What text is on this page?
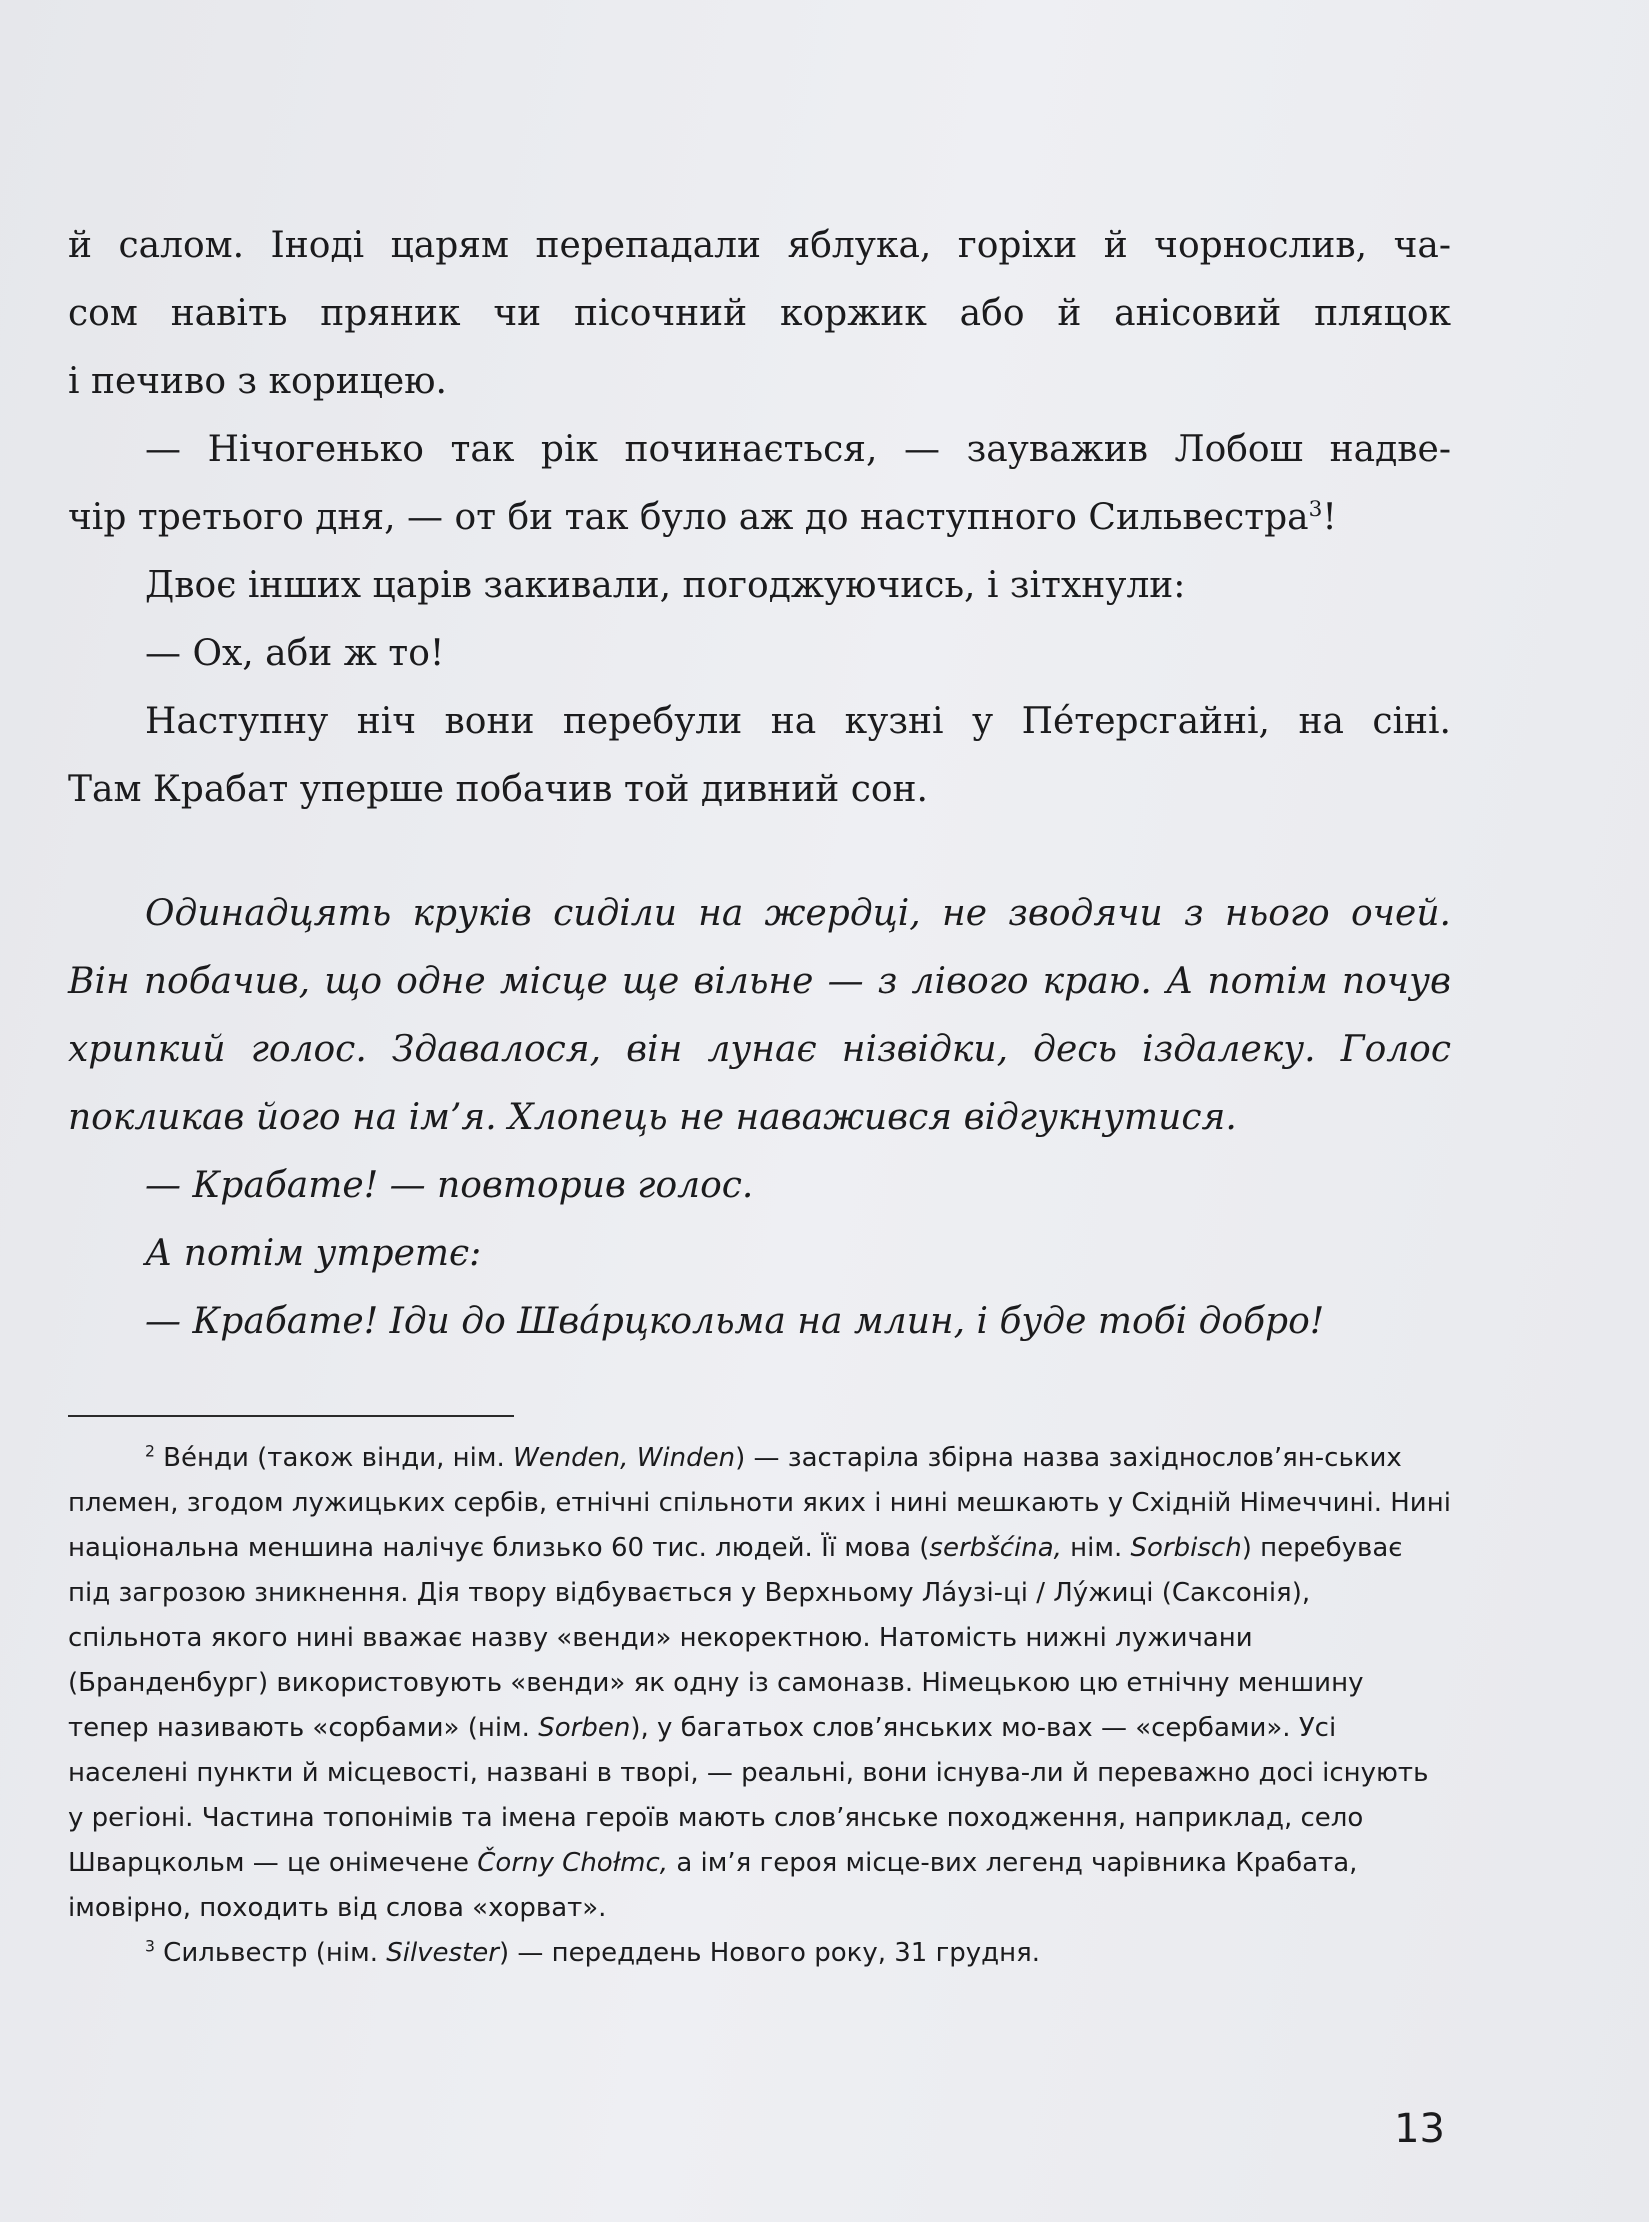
й салом. Іноді царям перепадали яблука, горіхи й чорнослив, ча-

сом навіть пряник чи пісочний коржик або й анісовий пляцок

і печиво з корицею.

— Нічогенько так рік починається, — зауважив Лобош надве-

чір третього дня, — от би так було аж до наступного Сильвестра$^3$!

Двоє інших царів закивали, погоджуючись, і зітхнули:

— Ох, аби ж то!

Наступну ніч вони перебули на кузні у Пе́терсгайні, на сіні.

Там Крабат уперше побачив той дивний сон.

Одинадцять круків сиділи на жердці, не зводячи з нього очей.

Він побачив, що одне місце ще вільне — з лівого краю. А потім почув

хрипкий голос. Здавалося, він лунає нізвідки, десь іздалеку. Голос

покликав його на ім’я. Хлопець не наважився відгукнутися.

— Крабате! — повторив голос.

А потім утретє:

— Крабате! Іди до Шва́рцкольма на млин, і буде тобі добро!

$^2$ Ве́нди (також вінди, нім. Wenden, Winden) — застаріла збірна назва західнослов’ян-ських племен, згодом лужицьких сербів, етнічні спільноти яких і нині мешкають у Східній Німеччині. Нині національна меншина налічує близько 60 тис. людей. Її мова (serbšćina, нім. Sorbisch) перебуває під загрозою зникнення. Дія твору відбувається у Верхньому Ла́узі-ці / Лу́жиці (Саксонія), спільнота якого нині вважає назву «венди» некоректною. Натомість нижні лужичани (Бранденбург) використовують «венди» як одну із самоназв. Німецькою цю етнічну меншину тепер називають «сорбами» (нім. Sorben), у багатьох слов’янських мо-вах — «сербами». Усі населені пункти й місцевості, названі в творі, — реальні, вони існува-ли й переважно досі існують у регіоні. Частина топонімів та імена героїв мають слов’янське походження, наприклад, село Шварцкольм — це онімечене Čorny Chołmc, а ім’я героя місце-вих легенд чарівника Крабата, імовірно, походить від слова «хорват».

$^3$ Сильвестр (нім. Silvester) — переддень Нового року, 31 грудня.

13
